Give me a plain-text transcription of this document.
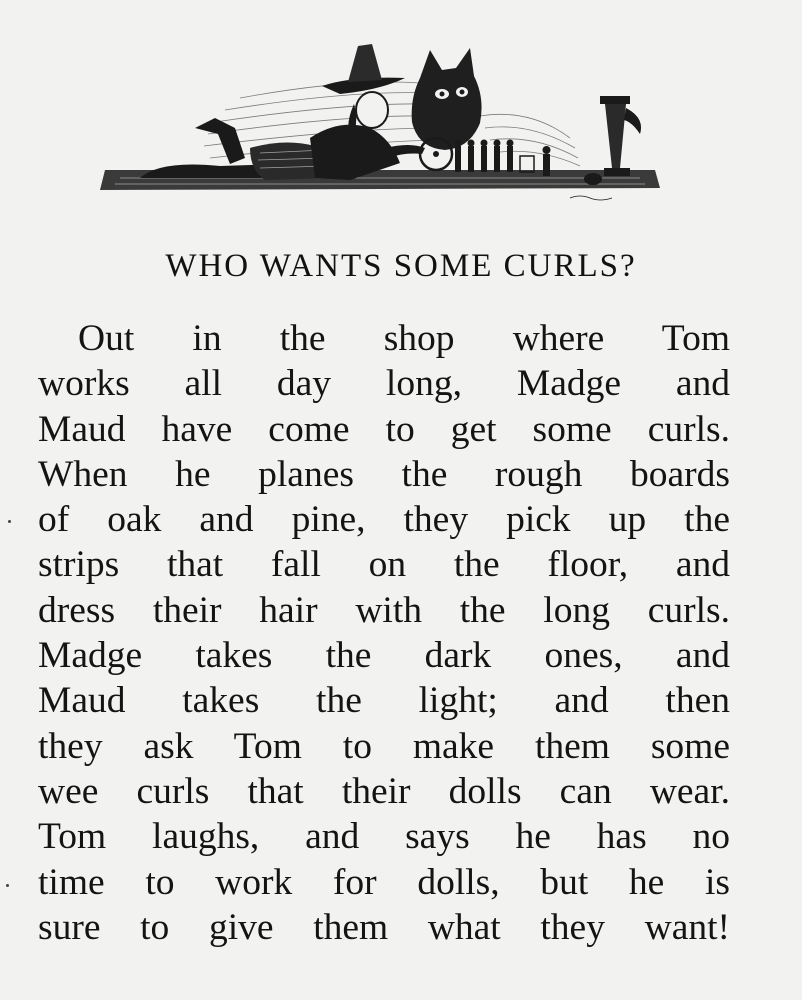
WHO WANTS SOME CURLS?
Out in the shop where Tom
works all day long, Madge and
Maud have come to get some curls.
When he planes the rough boards
of oak and pine, they pick up the
strips that fall on the floor, and
dress their hair with the long curls.
Madge takes the dark ones, and
Maud takes the light; and then
they ask Tom to make them some
wee curls that their dolls can wear.
Tom laughs, and says he has no
time to work for dolls, but he is
sure to give them what they want!
